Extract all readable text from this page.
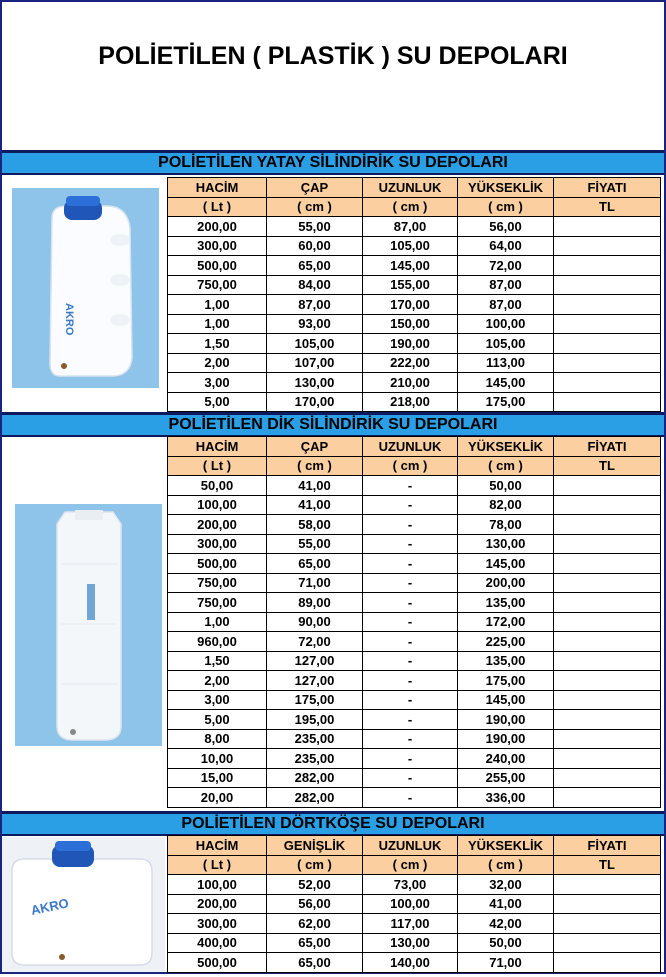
POLİETİLEN ( PLASTİK ) SU DEPOLARI
POLİETİLEN YATAY SİLİNDİRİK SU DEPOLARI
AKRO
HACİM	ÇAP	UZUNLUK	YÜKSEKLİK	FİYATI
( Lt )	( cm )	( cm )	( cm )	TL
200,00	55,00	87,00	56,00	
300,00	60,00	105,00	64,00	
500,00	65,00	145,00	72,00	
750,00	84,00	155,00	87,00	
1,00	87,00	170,00	87,00	
1,00	93,00	150,00	100,00	
1,50	105,00	190,00	105,00	
2,00	107,00	222,00	113,00	
3,00	130,00	210,00	145,00	
5,00	170,00	218,00	175,00	
POLİETİLEN DİK SİLİNDİRİK SU DEPOLARI
HACİM	ÇAP	UZUNLUK	YÜKSEKLİK	FİYATI
( Lt )	( cm )	( cm )	( cm )	TL
50,00	41,00	-	50,00	
100,00	41,00	-	82,00	
200,00	58,00	-	78,00	
300,00	55,00	-	130,00	
500,00	65,00	-	145,00	
750,00	71,00	-	200,00	
750,00	89,00	-	135,00	
1,00	90,00	-	172,00	
960,00	72,00	-	225,00	
1,50	127,00	-	135,00	
2,00	127,00	-	175,00	
3,00	175,00	-	145,00	
5,00	195,00	-	190,00	
8,00	235,00	-	190,00	
10,00	235,00	-	240,00	
15,00	282,00	-	255,00	
20,00	282,00	-	336,00	
POLİETİLEN DÖRTKÖŞE SU DEPOLARI
AKRO
HACİM	GENİŞLİK	UZUNLUK	YÜKSEKLİK	FİYATI
( Lt )	( cm )	( cm )	( cm )	TL
100,00	52,00	73,00	32,00	
200,00	56,00	100,00	41,00	
300,00	62,00	117,00	42,00	
400,00	65,00	130,00	50,00	
500,00	65,00	140,00	71,00	
